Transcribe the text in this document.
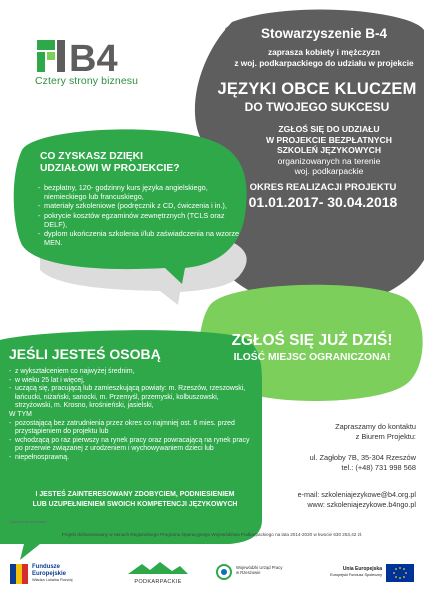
B4
Cztery strony biznesu
Stowarzyszenie B-4
zaprasza kobiety i mężczyzn
z woj. podkarpackiego do udziału w projekcie
JĘZYKI OBCE KLUCZEM
DO TWOJEGO SUKCESU
ZGŁOŚ SIĘ DO UDZIAŁU
W PROJEKCIE BEZPŁATNYCH
SZKOLEŃ JĘZYKOWYCH
organizowanych na terenie
woj. podkarpackie
OKRES REALIZACJI PROJEKTU
01.01.2017- 30.04.2018
CO ZYSKASZ DZIĘKI
UDZIAŁOWI W PROJEKCIE?
- bezpłatny, 120- godzinny kurs języka angielskiego, niemieckiego lub francuskiego,
- materiały szkoleniowe (podręcznik z CD, ćwiczenia i in.),
- pokrycie kosztów egzaminów zewnętrznych (TCLS oraz DELF),
- dyplom ukończenia szkolenia i/lub zaświadczenia na wzorze MEN.
ZGŁOŚ SIĘ JUŻ DZIŚ!
ILOŚĆ MIEJSC OGRANICZONA!
JEŚLI JESTEŚ OSOBĄ
- z wykształceniem co najwyżej średnim,
- w wieku 25 lat i więcej,
- uczącą się, pracującą lub zamieszkującą powiaty: m. Rzeszów, rzeszowski, łańcucki, niżański, sanocki, m. Przemyśl, przemyski, kolbuszowski, strzyżowski, m. Krosno, krośnieński, jasielski,
W TYM
- pozostającą bez zatrudnienia przez okres co najmniej ost. 6 mies. przed przystąpieniem do projektu lub
- wchodzącą po raz pierwszy na rynek pracy oraz powracającą na rynek pracy po przerwie związanej z urodzeniem i wychowywaniem dzieci lub
- niepełnosprawną.
I JESTEŚ ZAINTERESOWANY ZDOBYCIEM, PODNIESIENIEM
LUB UZUPEŁNIENIEM SWOICH KOMPETENCJI JĘZYKOWYCH
Zapraszamy do kontaktu
z Biurem Projektu:
ul. Zagłoby 7B, 35-304 Rzeszów
tel.: (+48) 731 998 568
e-mail: szkoleniajezykowe@b4.org.pl
www: szkoleniajezykowe.b4ngo.pl
Dystrybucja bezpłatna
Projekt dofinansowany w ramach Regionalnego Programu Operacyjnego Województwa Podkarpackiego na lata 2014-2020 w kwocie 630 253,42 zł.
Fundusze
Europejskie
Władza Lokalna Rozwój	PODKARPACKIE
Wojewódzki Urząd Pracy
w Rzeszowie
Unia Europejska
Europejski Fundusz Społeczny
